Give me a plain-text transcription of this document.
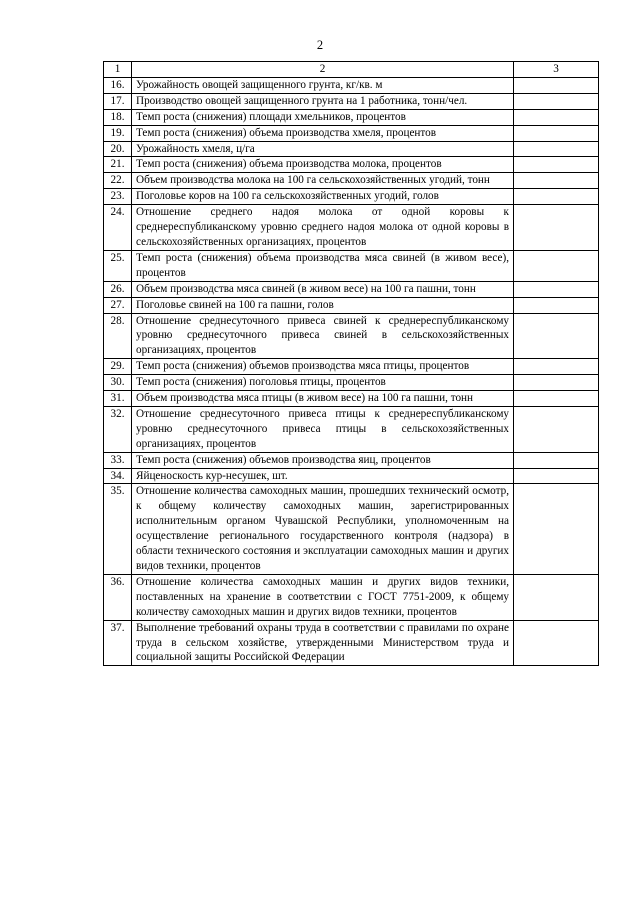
2
1	2	3
16.	Урожайность овощей защищенного грунта, кг/кв. м	
17.	Производство овощей защищенного грунта на 1 работника, тонн/чел.	
18.	Темп роста (снижения) площади хмельников, процентов	
19.	Темп роста (снижения) объема производства хмеля, процентов	
20.	Урожайность хмеля, ц/га	
21.	Темп роста (снижения) объема производства молока, процентов	
22.	Объем производства молока на 100 га сельскохозяйственных угодий, тонн	
23.	Поголовье коров на 100 га сельскохозяйственных угодий, голов	
24.	Отношение среднего надоя молока от одной коровы к среднереспубликанскому уровню среднего надоя молока от одной коровы в сельскохозяйственных организациях, процентов	
25.	Темп роста (снижения) объема производства мяса свиней (в живом весе), процентов	
26.	Объем производства мяса свиней (в живом весе) на 100 га пашни, тонн	
27.	Поголовье свиней на 100 га пашни, голов	
28.	Отношение среднесуточного привеса свиней к среднереспубликанскому уровню среднесуточного привеса свиней в сельскохозяйственных организациях, процентов	
29.	Темп роста (снижения) объемов производства мяса птицы, процентов	
30.	Темп роста (снижения) поголовья птицы, процентов	
31.	Объем производства мяса птицы (в живом весе) на 100 га пашни, тонн	
32.	Отношение среднесуточного привеса птицы к среднереспубликанскому уровню среднесуточного привеса птицы в сельскохозяйственных организациях, процентов	
33.	Темп роста (снижения) объемов производства яиц, процентов	
34.	Яйценоскость кур-несушек, шт.	
35.	Отношение количества самоходных машин, прошедших технический осмотр, к общему количеству самоходных машин, зарегистрированных исполнительным органом Чувашской Республики, уполномоченным на осуществление регионального государственного контроля (надзора) в области технического состояния и эксплуатации самоходных машин и других видов техники, процентов	
36.	Отношение количества самоходных машин и других видов техники, поставленных на хранение в соответствии с ГОСТ 7751-2009, к общему количеству самоходных машин и других видов техники, процентов	
37.	Выполнение требований охраны труда в соответствии с правилами по охране труда в сельском хозяйстве, утвержденными Министерством труда и социальной защиты Российской Федерации	
